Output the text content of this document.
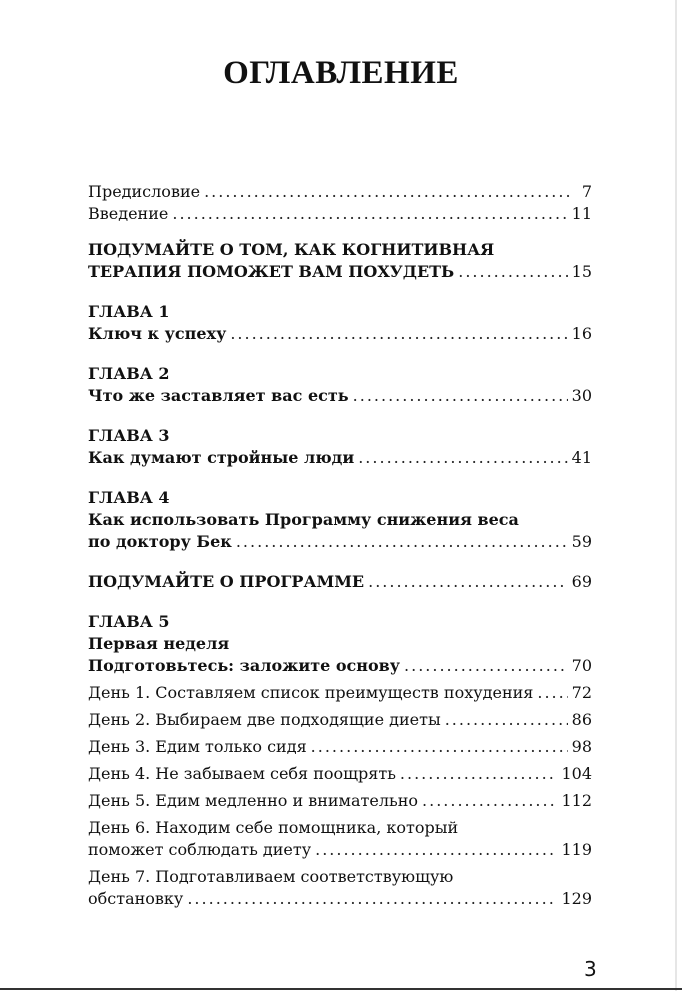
ОГЛАВЛЕНИЕ
Предисловие .....	7
Введение .....	11
ПОДУМАЙТЕ О ТОМ, КАК КОГНИТИВНАЯ
ТЕРАПИЯ ПОМОЖЕТ ВАМ ПОХУДЕТЬ .....	15
ГЛАВА 1
Ключ к успеху .....	16
ГЛАВА 2
Что же заставляет вас есть .....	30
ГЛАВА 3
Как думают стройные люди .....	41
ГЛАВА 4
Как использовать Программу снижения веса
по доктору Бек .....	59
ПОДУМАЙТЕ О ПРОГРАММЕ .....	69
ГЛАВА 5
Первая неделя
Подготовьтесь: заложите основу .....	70
День 1. Составляем список преимуществ похудения ..... 72
День 2. Выбираем две подходящие диеты .....	86
День 3. Едим только сидя .....	98
День 4. Не забываем себя поощрять .....	104
День 5. Едим медленно и внимательно .....	112
День 6. Находим себе помощника, который
поможет соблюдать диету .....	119
День 7. Подготавливаем соответствующую
обстановку .....	129
3
